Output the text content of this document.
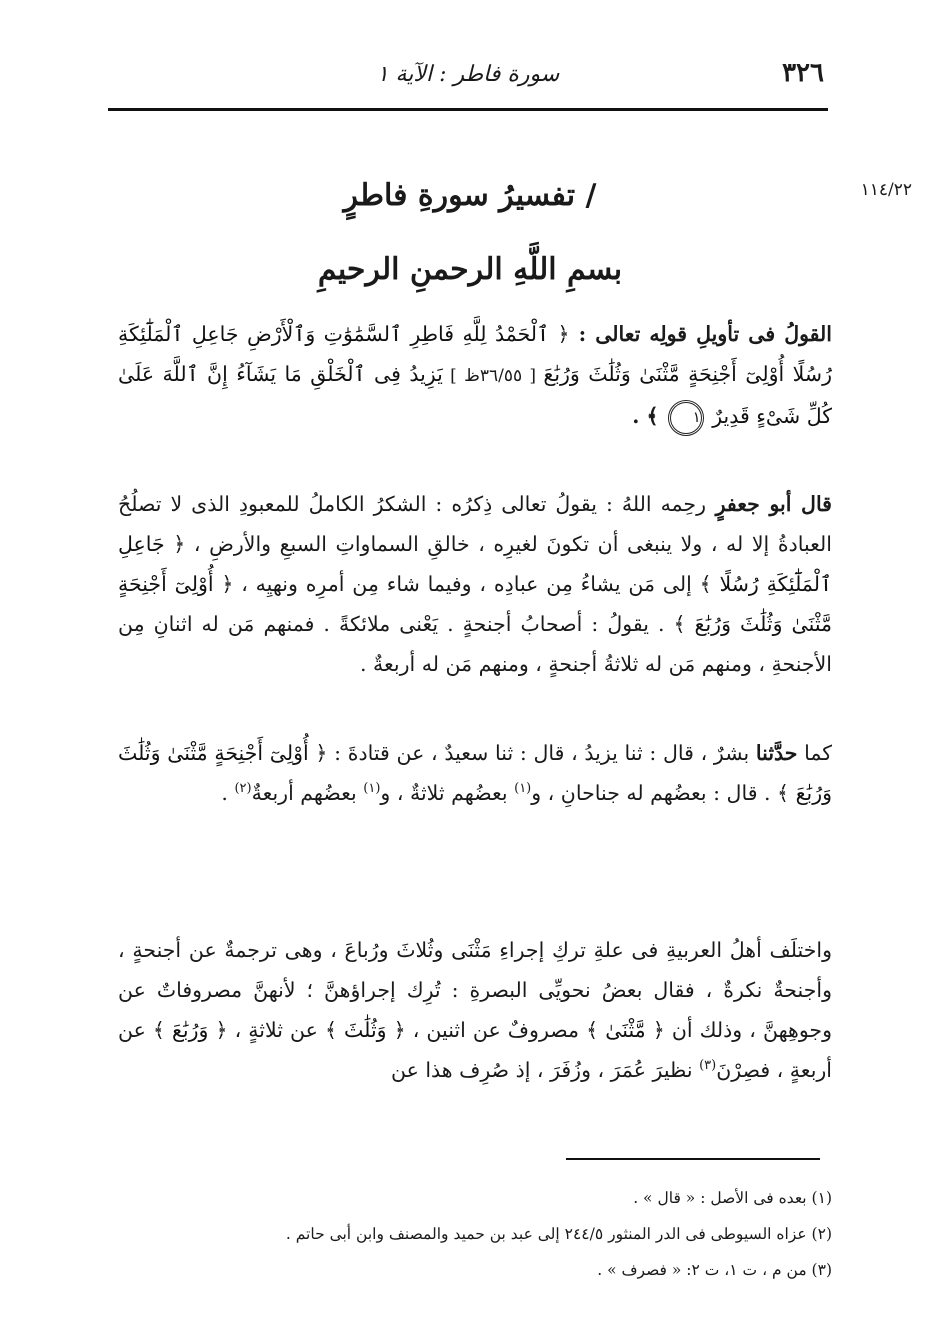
٣٢٦
سورة فاطر : الآية ١
١١٤/٢٢
/ تفسيرُ سورةِ فاطرٍ
بسمِ اللَّهِ الرحمنِ الرحيمِ
القولُ فى تأويلِ قولِه تعالى : ﴿ ٱلْحَمْدُ لِلَّهِ فَاطِرِ ٱلسَّمَٰوَٰتِ وَٱلْأَرْضِ جَاعِلِ ٱلْمَلَٰٓئِكَةِ رُسُلًا أُوْلِىٓ أَجْنِحَةٍ مَّثْنَىٰ وَثُلَٰثَ وَرُبَٰعَ [ ٣٦/٥٥ظ ] يَزِيدُ فِى ٱلْخَلْقِ مَا يَشَآءُ إِنَّ ٱللَّهَ عَلَىٰ كُلِّ شَىْءٍ قَدِيرٌ ١ ﴾ .
قال أبو جعفرٍ رحِمه اللهُ : يقولُ تعالى ذِكرُه : الشكرُ الكاملُ للمعبودِ الذى لا تصلُحُ العبادةُ إلا له ، ولا ينبغى أن تكونَ لغيرِه ، خالقِ السماواتِ السبعِ والأرضِ ، ﴿ جَاعِلِ ٱلْمَلَٰٓئِكَةِ رُسُلًا ﴾ إلى مَن يشاءُ مِن عبادِه ، وفيما شاء مِن أمرِه ونهيِه ، ﴿ أُوْلِىٓ أَجْنِحَةٍ مَّثْنَىٰ وَثُلَٰثَ وَرُبَٰعَ ﴾ . يقولُ : أصحابُ أجنحةٍ . يَعْنى ملائكةً . فمنهم مَن له اثنانِ مِن الأجنحةِ ، ومنهم مَن له ثلاثةُ أجنحةٍ ، ومنهم مَن له أربعةٌ .
كما حدَّثنا بشرٌ ، قال : ثنا يزيدُ ، قال : ثنا سعيدٌ ، عن قتادةَ : ﴿ أُوْلِىٓ أَجْنِحَةٍ مَّثْنَىٰ وَثُلَٰثَ وَرُبَٰعَ ﴾ . قال : بعضُهم له جناحانِ ، و$^{(١)}$ بعضُهم ثلاثةٌ ، و$^{(١)}$ بعضُهم أربعةٌ$^{(٢)}$ .
واختلَف أهلُ العربيةِ فى علةِ تركِ إجراءِ مَثْنَى وثُلاثَ ورُباعَ ، وهى ترجمةٌ عن أجنحةٍ ، وأجنحةٌ نكرةٌ ، فقال بعضُ نحويِّى البصرةِ : تُرِك إجراؤهنَّ ؛ لأنهنَّ مصروفاتٌ عن وجوهِهنَّ ، وذلك أن ﴿ مَّثْنَىٰ ﴾ مصروفٌ عن اثنين ، ﴿ وَثُلَٰثَ ﴾ عن ثلاثةٍ ، ﴿ وَرُبَٰعَ ﴾ عن أربعةٍ ، فصِرْنَ$^{(٣)}$ نظيرَ عُمَرَ ، وزُفَرَ ، إذ صُرِف هذا عن
(١) بعده فى الأصل : « قال » .
(٢) عزاه السيوطى فى الدر المنثور ٢٤٤/٥ إلى عبد بن حميد والمصنف وابن أبى حاتم .
(٣) من م ، ت ١، ت ٢: « فصرف » .
